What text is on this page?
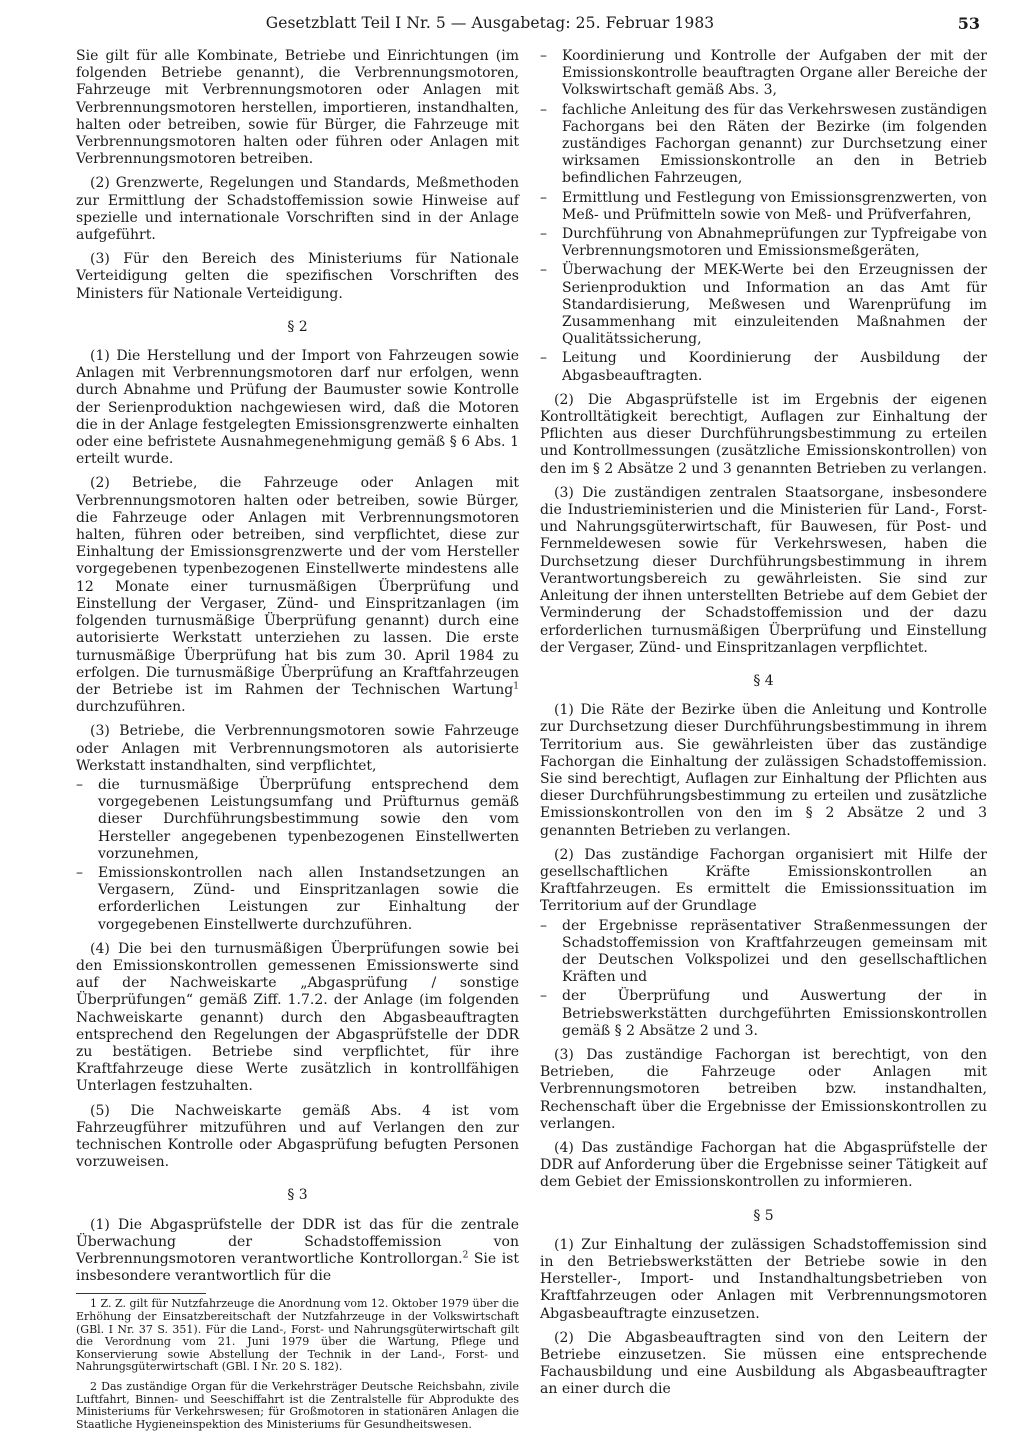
Gesetzblatt Teil I Nr. 5 — Ausgabetag: 25. Februar 1983	53

Sie gilt für alle Kombinate, Betriebe und Einrichtungen (im folgenden Betriebe genannt), die Verbrennungsmotoren, Fahrzeuge mit Verbrennungsmotoren oder Anlagen mit Verbrennungsmotoren herstellen, importieren, instandhalten, halten oder betreiben, sowie für Bürger, die Fahrzeuge mit Verbrennungsmotoren halten oder führen oder Anlagen mit Verbrennungsmotoren betreiben.

(2) Grenzwerte, Regelungen und Standards, Meßmethoden zur Ermittlung der Schadstoffemission sowie Hinweise auf spezielle und internationale Vorschriften sind in der Anlage aufgeführt.

(3) Für den Bereich des Ministeriums für Nationale Verteidigung gelten die spezifischen Vorschriften des Ministers für Nationale Verteidigung.

§ 2

(1) Die Herstellung und der Import von Fahrzeugen sowie Anlagen mit Verbrennungsmotoren darf nur erfolgen, wenn durch Abnahme und Prüfung der Baumuster sowie Kontrolle der Serienproduktion nachgewiesen wird, daß die Motoren die in der Anlage festgelegten Emissionsgrenzwerte einhalten oder eine befristete Ausnahmegenehmigung gemäß § 6 Abs. 1 erteilt wurde.

(2) Betriebe, die Fahrzeuge oder Anlagen mit Verbrennungsmotoren halten oder betreiben, sowie Bürger, die Fahrzeuge oder Anlagen mit Verbrennungsmotoren halten, führen oder betreiben, sind verpflichtet, diese zur Einhaltung der Emissionsgrenzwerte und der vom Hersteller vorgegebenen typenbezogenen Einstellwerte mindestens alle 12 Monate einer turnusmäßigen Überprüfung und Einstellung der Vergaser, Zünd- und Einspritzanlagen (im folgenden turnusmäßige Überprüfung genannt) durch eine autorisierte Werkstatt unterziehen zu lassen. Die erste turnusmäßige Überprüfung hat bis zum 30. April 1984 zu erfolgen. Die turnusmäßige Überprüfung an Kraftfahrzeugen der Betriebe ist im Rahmen der Technischen Wartung$^1$ durchzuführen.

(3) Betriebe, die Verbrennungsmotoren sowie Fahrzeuge oder Anlagen mit Verbrennungsmotoren als autorisierte Werkstatt instandhalten, sind verpflichtet,

–	die turnusmäßige Überprüfung entsprechend dem vorgegebenen Leistungsumfang und Prüfturnus gemäß dieser Durchführungsbestimmung sowie den vom Hersteller angegebenen typenbezogenen Einstellwerten vorzunehmen,
–	Emissionskontrollen nach allen Instandsetzungen an Vergasern, Zünd- und Einspritzanlagen sowie die erforderlichen Leistungen zur Einhaltung der vorgegebenen Einstellwerte durchzuführen.

(4) Die bei den turnusmäßigen Überprüfungen sowie bei den Emissionskontrollen gemessenen Emissionswerte sind auf der Nachweiskarte „Abgasprüfung / sonstige Überprüfungen“ gemäß Ziff. 1.7.2. der Anlage (im folgenden Nachweiskarte genannt) durch den Abgasbeauftragten entsprechend den Regelungen der Abgasprüfstelle der DDR zu bestätigen. Betriebe sind verpflichtet, für ihre Kraftfahrzeuge diese Werte zusätzlich in kontrollfähigen Unterlagen festzuhalten.

(5) Die Nachweiskarte gemäß Abs. 4 ist vom Fahrzeugführer mitzuführen und auf Verlangen den zur technischen Kontrolle oder Abgasprüfung befugten Personen vorzuweisen.

§ 3

(1) Die Abgasprüfstelle der DDR ist das für die zentrale Überwachung der Schadstoffemission von Verbrennungsmotoren verantwortliche Kontrollorgan.$^2$ Sie ist insbesondere verantwortlich für die

1 Z. Z. gilt für Nutzfahrzeuge die Anordnung vom 12. Oktober 1979 über die Erhöhung der Einsatzbereitschaft der Nutzfahrzeuge in der Volkswirtschaft (GBl. I Nr. 37 S. 351). Für die Land-, Forst- und Nahrungsgüterwirtschaft gilt die Verordnung vom 21. Juni 1979 über die Wartung, Pflege und Konservierung sowie Abstellung der Technik in der Land-, Forst- und Nahrungsgüterwirtschaft (GBl. I Nr. 20 S. 182).

2 Das zuständige Organ für die Verkehrsträger Deutsche Reichsbahn, zivile Luftfahrt, Binnen- und Seeschiffahrt ist die Zentralstelle für Abprodukte des Ministeriums für Verkehrswesen; für Großmotoren in stationären Anlagen die Staatliche Hygieneinspektion des Ministeriums für Gesundheitswesen.

–	Koordinierung und Kontrolle der Aufgaben der mit der Emissionskontrolle beauftragten Organe aller Bereiche der Volkswirtschaft gemäß Abs. 3,
–	fachliche Anleitung des für das Verkehrswesen zuständigen Fachorgans bei den Räten der Bezirke (im folgenden zuständiges Fachorgan genannt) zur Durchsetzung einer wirksamen Emissionskontrolle an den in Betrieb befindlichen Fahrzeugen,
–	Ermittlung und Festlegung von Emissionsgrenzwerten, von Meß- und Prüfmitteln sowie von Meß- und Prüfverfahren,
–	Durchführung von Abnahmeprüfungen zur Typfreigabe von Verbrennungsmotoren und Emissionsmeßgeräten,
–	Überwachung der MEK-Werte bei den Erzeugnissen der Serienproduktion und Information an das Amt für Standardisierung, Meßwesen und Warenprüfung im Zusammenhang mit einzuleitenden Maßnahmen der Qualitätssicherung,
–	Leitung und Koordinierung der Ausbildung der Abgasbeauftragten.

(2) Die Abgasprüfstelle ist im Ergebnis der eigenen Kontrolltätigkeit berechtigt, Auflagen zur Einhaltung der Pflichten aus dieser Durchführungsbestimmung zu erteilen und Kontrollmessungen (zusätzliche Emissionskontrollen) von den im § 2 Absätze 2 und 3 genannten Betrieben zu verlangen.

(3) Die zuständigen zentralen Staatsorgane, insbesondere die Industrieministerien und die Ministerien für Land-, Forst- und Nahrungsgüterwirtschaft, für Bauwesen, für Post- und Fernmeldewesen sowie für Verkehrswesen, haben die Durchsetzung dieser Durchführungsbestimmung in ihrem Verantwortungsbereich zu gewährleisten. Sie sind zur Anleitung der ihnen unterstellten Betriebe auf dem Gebiet der Verminderung der Schadstoffemission und der dazu erforderlichen turnusmäßigen Überprüfung und Einstellung der Vergaser, Zünd- und Einspritzanlagen verpflichtet.

§ 4

(1) Die Räte der Bezirke üben die Anleitung und Kontrolle zur Durchsetzung dieser Durchführungsbestimmung in ihrem Territorium aus. Sie gewährleisten über das zuständige Fachorgan die Einhaltung der zulässigen Schadstoffemission. Sie sind berechtigt, Auflagen zur Einhaltung der Pflichten aus dieser Durchführungsbestimmung zu erteilen und zusätzliche Emissionskontrollen von den im § 2 Absätze 2 und 3 genannten Betrieben zu verlangen.

(2) Das zuständige Fachorgan organisiert mit Hilfe der gesellschaftlichen Kräfte Emissionskontrollen an Kraftfahrzeugen. Es ermittelt die Emissionssituation im Territorium auf der Grundlage

–	der Ergebnisse repräsentativer Straßenmessungen der Schadstoffemission von Kraftfahrzeugen gemeinsam mit der Deutschen Volkspolizei und den gesellschaftlichen Kräften und
–	der Überprüfung und Auswertung der in Betriebswerkstätten durchgeführten Emissionskontrollen gemäß § 2 Absätze 2 und 3.

(3) Das zuständige Fachorgan ist berechtigt, von den Betrieben, die Fahrzeuge oder Anlagen mit Verbrennungsmotoren betreiben bzw. instandhalten, Rechenschaft über die Ergebnisse der Emissionskontrollen zu verlangen.

(4) Das zuständige Fachorgan hat die Abgasprüfstelle der DDR auf Anforderung über die Ergebnisse seiner Tätigkeit auf dem Gebiet der Emissionskontrollen zu informieren.

§ 5

(1) Zur Einhaltung der zulässigen Schadstoffemission sind in den Betriebswerkstätten der Betriebe sowie in den Hersteller-, Import- und Instandhaltungsbetrieben von Kraftfahrzeugen oder Anlagen mit Verbrennungsmotoren Abgasbeauftragte einzusetzen.

(2) Die Abgasbeauftragten sind von den Leitern der Betriebe einzusetzen. Sie müssen eine entsprechende Fachausbildung und eine Ausbildung als Abgasbeauftragter an einer durch die
